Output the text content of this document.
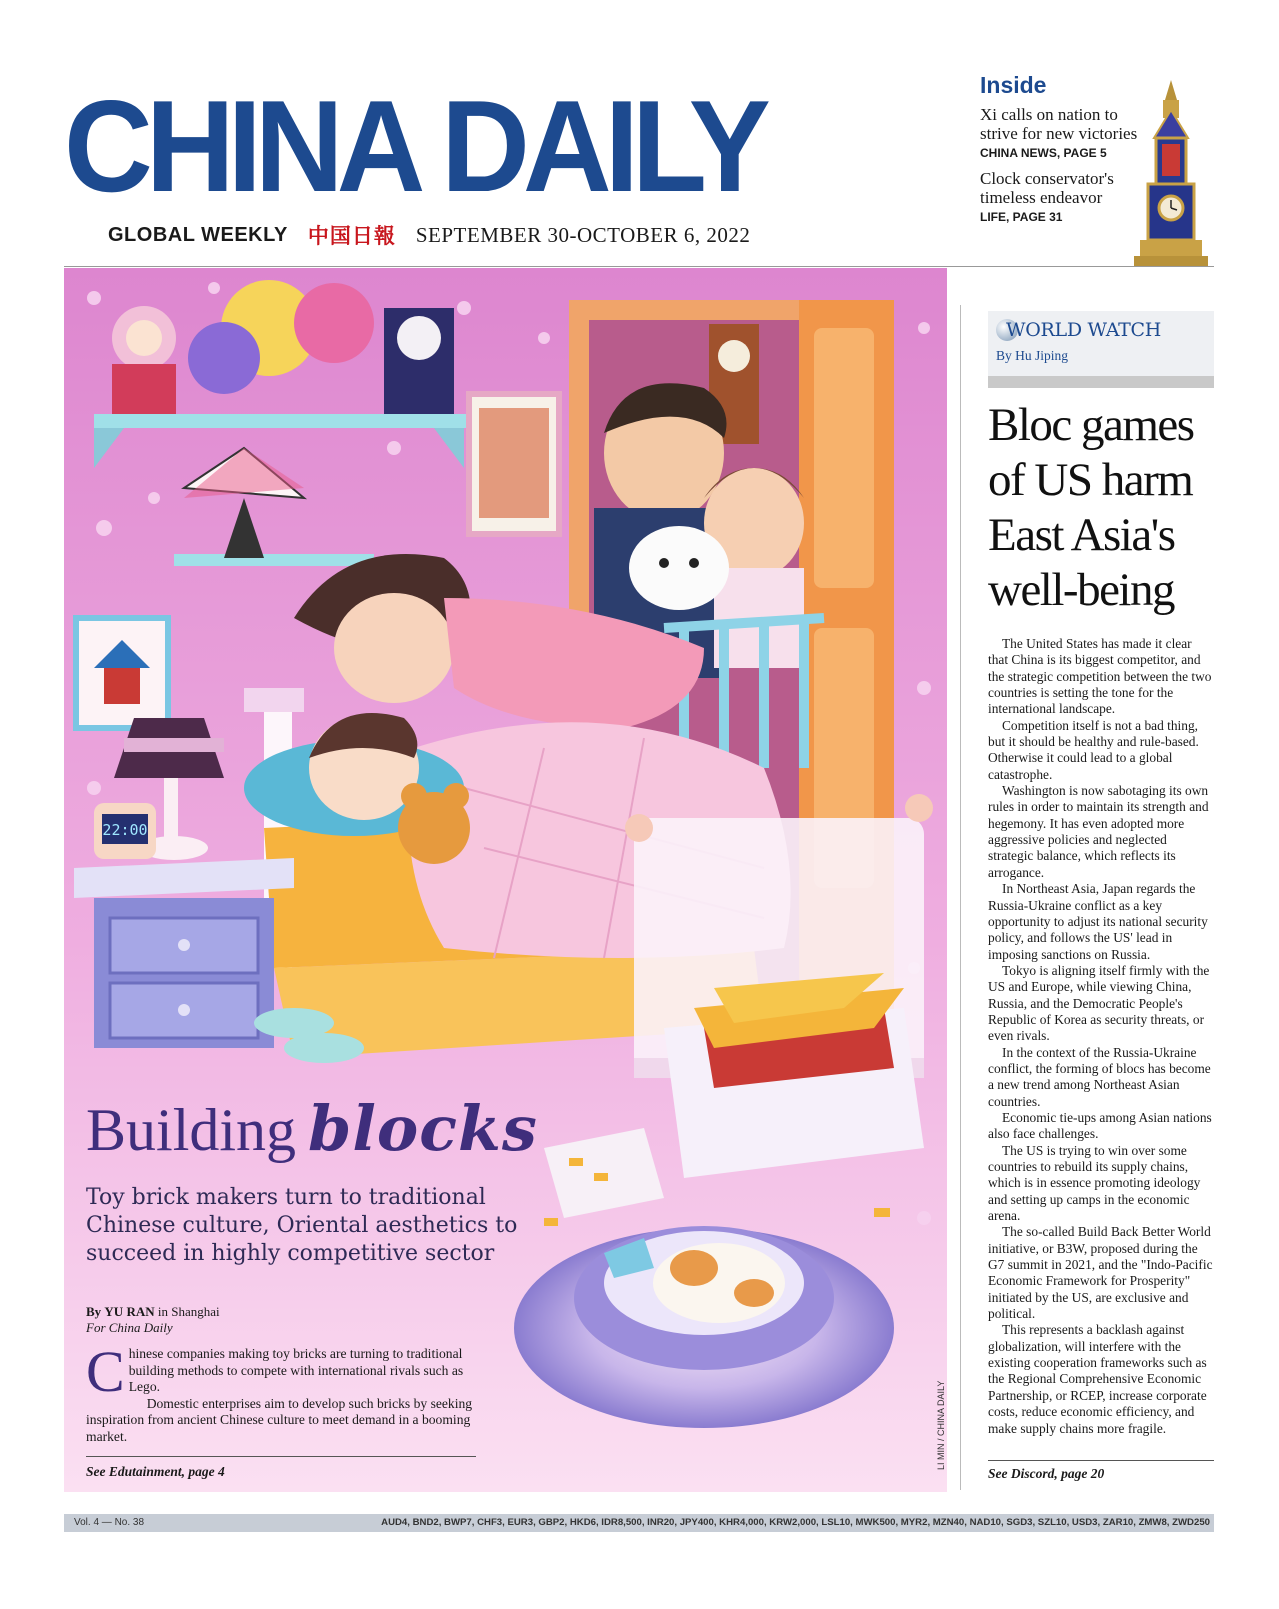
CHINA DAILY
GLOBAL WEEKLY 中国日報 SEPTEMBER 30-OCTOBER 6, 2022
Inside
Xi calls on nation to strive for new victories
CHINA NEWS, PAGE 5
Clock conservator's timeless endeavor
LIFE, PAGE 31
22:00
Building blocks
Toy brick makers turn to traditional Chinese culture, Oriental aesthetics to succeed in highly competitive sector
By YU RAN in Shanghai
For China Daily
C hinese companies making toy bricks are turning to traditional building methods to compete with international rivals such as Lego.

Domestic enterprises aim to develop such bricks by seeking inspiration from ancient Chinese culture to meet demand in a booming market.

See Edutainment, page 4
LI MIN / CHINA DAILY
WORLD WATCH
By Hu Jiping
Bloc games of US harm East Asia's well-being

The United States has made it clear that China is its biggest competitor, and the strategic competition between the two countries is setting the tone for the international landscape.

Competition itself is not a bad thing, but it should be healthy and rule-based. Otherwise it could lead to a global catastrophe.

Washington is now sabotaging its own rules in order to maintain its strength and hegemony. It has even adopted more aggressive policies and neglected strategic balance, which reflects its arrogance.

In Northeast Asia, Japan regards the Russia-Ukraine conflict as a key opportunity to adjust its national security policy, and follows the US' lead in imposing sanctions on Russia.

Tokyo is aligning itself firmly with the US and Europe, while viewing China, Russia, and the Democratic People's Republic of Korea as security threats, or even rivals.

In the context of the Russia-Ukraine conflict, the forming of blocs has become a new trend among Northeast Asian countries.

Economic tie-ups among Asian nations also face challenges.

The US is trying to win over some countries to rebuild its supply chains, which is in essence promoting ideology and setting up camps in the economic arena.

The so-called Build Back Better World initiative, or B3W, proposed during the G7 summit in 2021, and the "Indo-Pacific Economic Framework for Prosperity" initiated by the US, are exclusive and political.

This represents a backlash against globalization, will interfere with the existing cooperation frameworks such as the Regional Comprehensive Economic Partnership, or RCEP, increase corporate costs, reduce economic efficiency, and make supply chains more fragile.

See Discord, page 20
Vol. 4 — No. 38	AUD4, BND2, BWP7, CHF3, EUR3, GBP2, HKD6, IDR8,500, INR20, JPY400, KHR4,000, KRW2,000, LSL10, MWK500, MYR2, MZN40, NAD10, SGD3, SZL10, USD3, ZAR10, ZMW8, ZWD250
